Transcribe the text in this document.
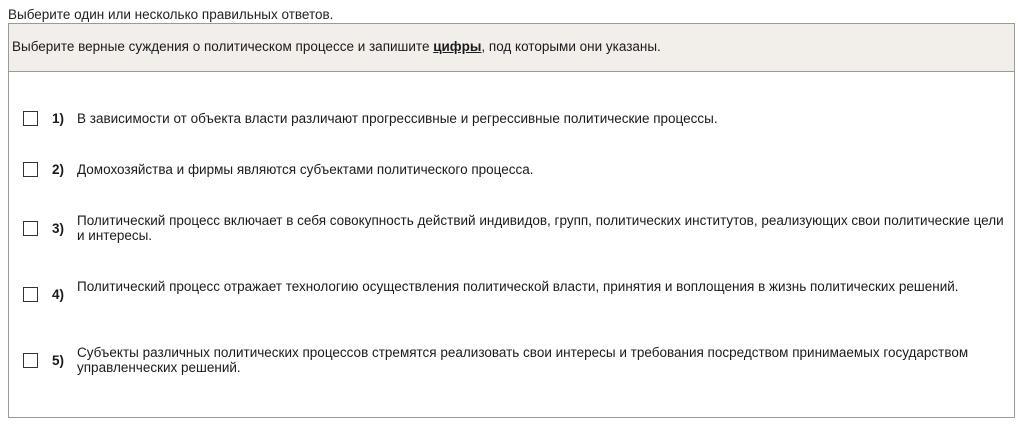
Выберите один или несколько правильных ответов.
Выберите верные суждения о политическом процессе и запишите цифры, под которыми они указаны.
1) В зависимости от объекта власти различают прогрессивные и регрессивные политические процессы.
2) Домохозяйства и фирмы являются субъектами политического процесса.
3)
Политический процесс включает в себя совокупность действий индивидов, групп, политических институтов, реализующих свои политические цели и интересы.
4)
Политический процесс отражает технологию осуществления политической власти, принятия и воплощения в жизнь политических решений.
5)
Субъекты различных политических процессов стремятся реализовать свои интересы и требования посредством принимаемых государством управленческих решений.
